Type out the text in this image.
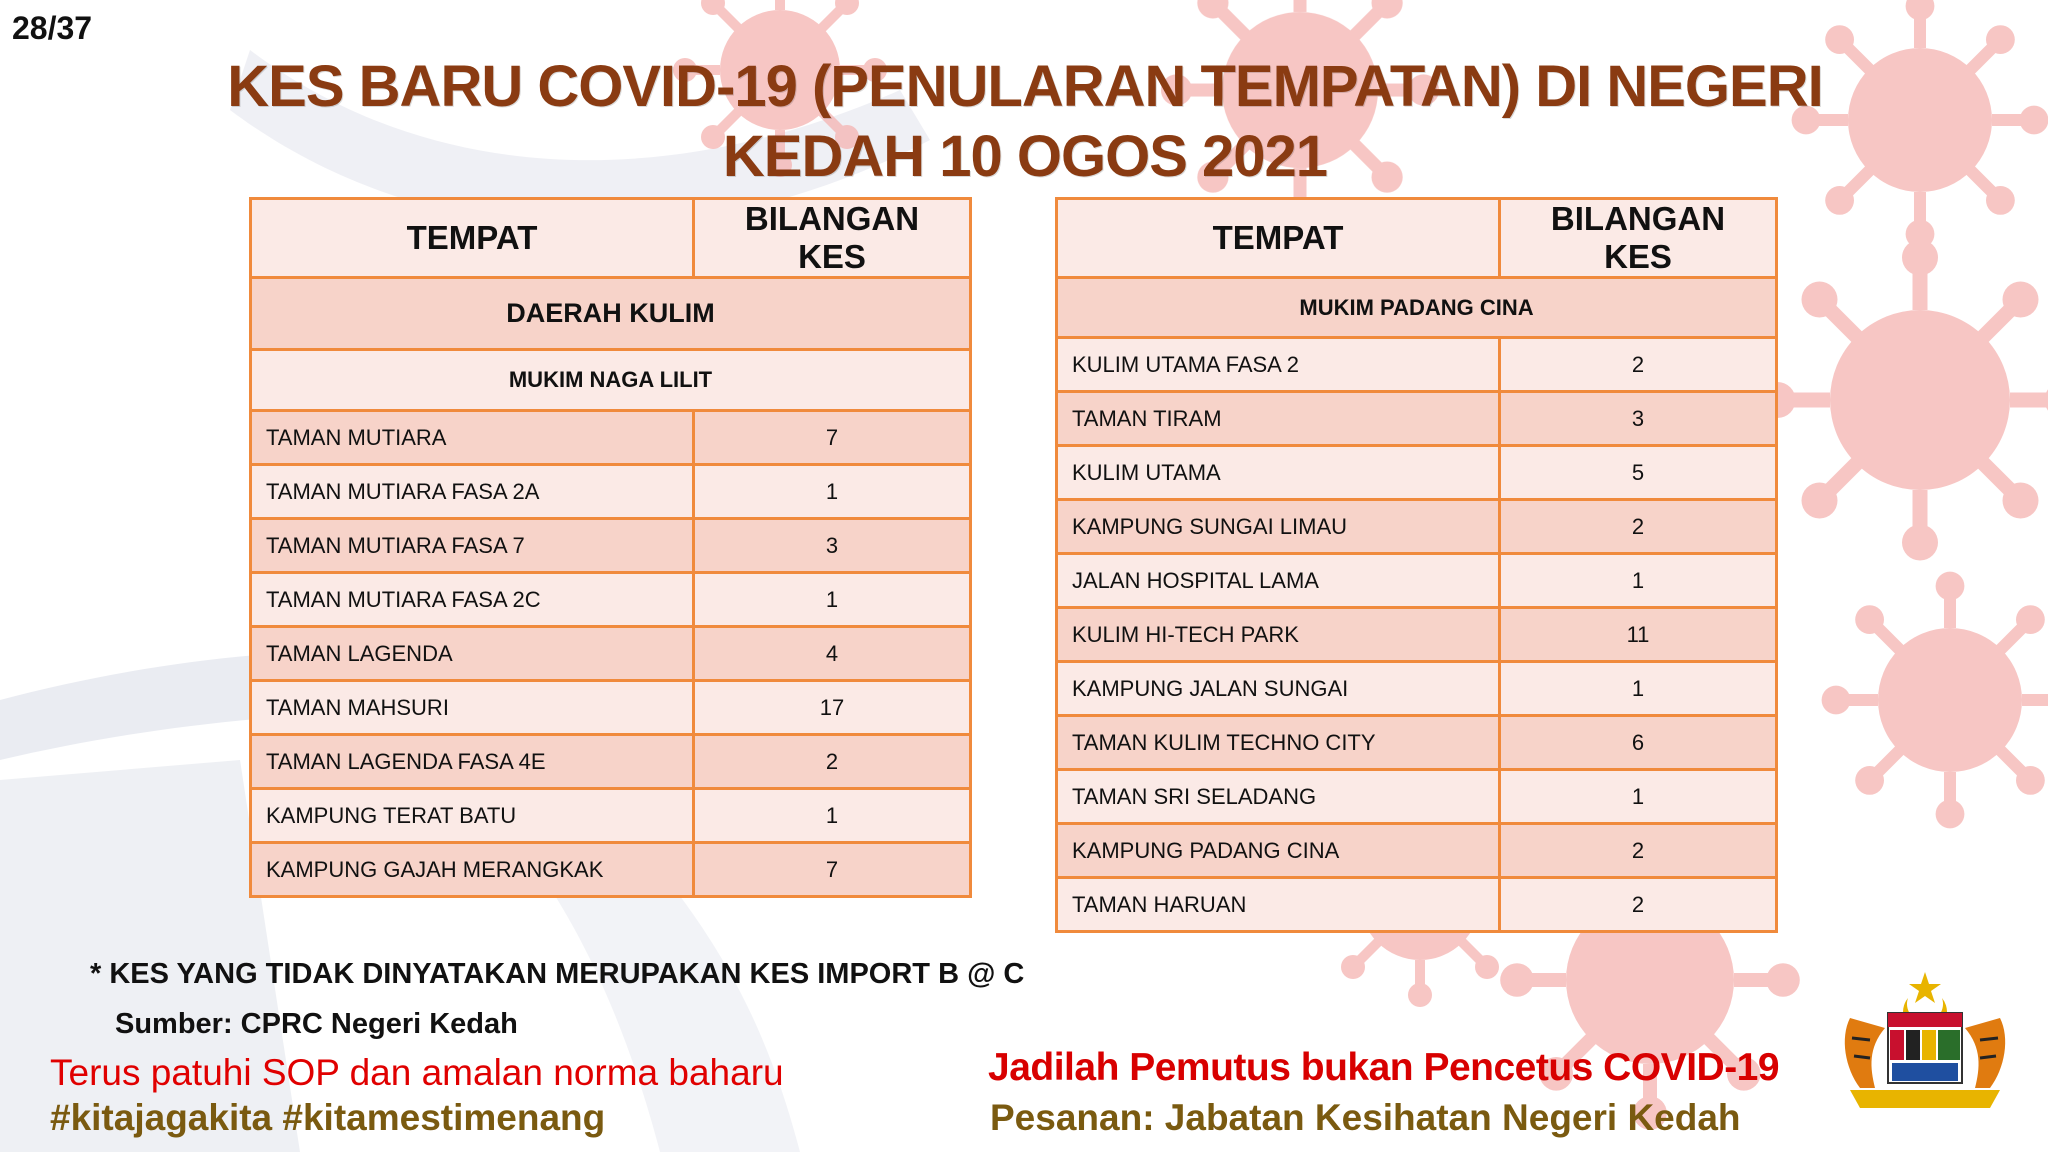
28/37
KES BARU COVID-19 (PENULARAN TEMPATAN) DI NEGERI
KEDAH 10 OGOS 2021
TEMPAT	BILANGAN KES
DAERAH KULIM	
MUKIM NAGA LILIT	
TAMAN MUTIARA	7
TAMAN MUTIARA FASA 2A	1
TAMAN MUTIARA FASA 7	3
TAMAN MUTIARA FASA 2C	1
TAMAN LAGENDA	4
TAMAN MAHSURI	17
TAMAN LAGENDA FASA 4E	2
KAMPUNG TERAT BATU	1
KAMPUNG GAJAH MERANGKAK	7
TEMPAT	BILANGAN KES
MUKIM PADANG CINA	
KULIM UTAMA FASA 2	2
TAMAN TIRAM	3
KULIM UTAMA	5
KAMPUNG SUNGAI LIMAU	2
JALAN HOSPITAL LAMA	1
KULIM HI-TECH PARK	11
KAMPUNG JALAN SUNGAI	1
TAMAN KULIM TECHNO CITY	6
TAMAN SRI SELADANG	1
KAMPUNG PADANG CINA	2
TAMAN HARUAN	2
* KES YANG TIDAK DINYATAKAN MERUPAKAN KES IMPORT B @ C
Sumber: CPRC Negeri Kedah
Terus patuhi SOP dan amalan norma baharu
#kitajagakita #kitamestimenang
Jadilah Pemutus bukan Pencetus COVID-19
Pesanan: Jabatan Kesihatan Negeri Kedah
